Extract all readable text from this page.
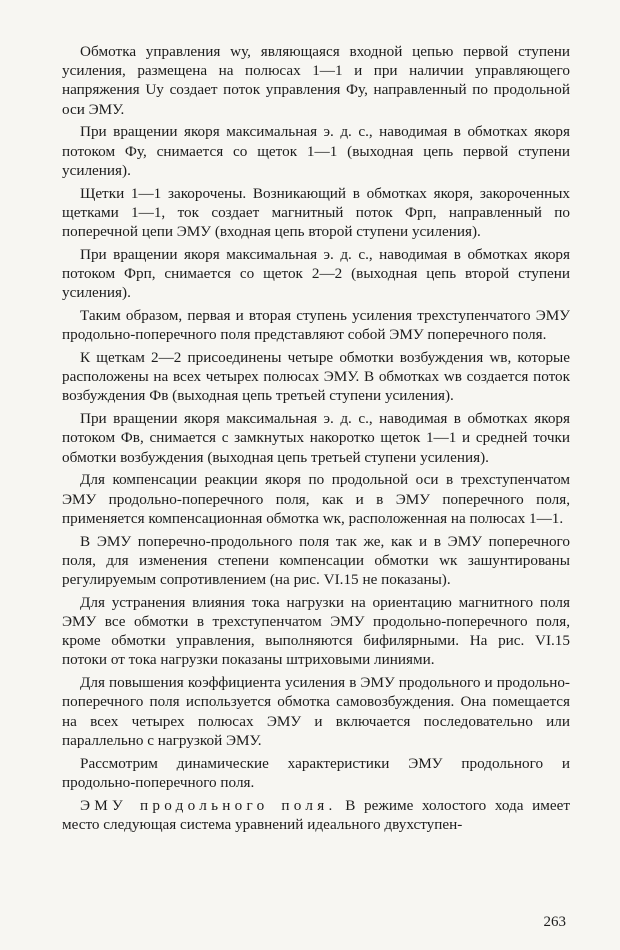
Обмотка управления wу, являющаяся входной цепью первой ступени усиления, размещена на полюсах 1—1 и при наличии управляющего напряжения Uу создает поток управления Фу, направленный по продольной оси ЭМУ.

При вращении якоря максимальная э. д. с., наводимая в обмотках якоря потоком Фу, снимается со щеток 1—1 (выходная цепь первой ступени усиления).

Щетки 1—1 закорочены. Возникающий в обмотках якоря, закороченных щетками 1—1, ток создает магнитный поток Фрп, направленный по поперечной цепи ЭМУ (входная цепь второй ступени усиления).

При вращении якоря максимальная э. д. с., наводимая в обмотках якоря потоком Фрп, снимается со щеток 2—2 (выходная цепь второй ступени усиления).

Таким образом, первая и вторая ступень усиления трехступенчатого ЭМУ продольно-поперечного поля представляют собой ЭМУ поперечного поля.

К щеткам 2—2 присоединены четыре обмотки возбуждения wв, которые расположены на всех четырех полюсах ЭМУ. В обмотках wв создается поток возбуждения Фв (выходная цепь третьей ступени усиления).

При вращении якоря максимальная э. д. с., наводимая в обмотках якоря потоком Фв, снимается с замкнутых накоротко щеток 1—1 и средней точки обмотки возбуждения (выходная цепь третьей ступени усиления).

Для компенсации реакции якоря по продольной оси в трехступенчатом ЭМУ продольно-поперечного поля, как и в ЭМУ поперечного поля, применяется компенсационная обмотка wк, расположенная на полюсах 1—1.

В ЭМУ поперечно-продольного поля так же, как и в ЭМУ поперечного поля, для изменения степени компенсации обмотки wк зашунтированы регулируемым сопротивлением (на рис. VI.15 не показаны).

Для устранения влияния тока нагрузки на ориентацию магнитного поля ЭМУ все обмотки в трехступенчатом ЭМУ продольно-поперечного поля, кроме обмотки управления, выполняются бифилярными. На рис. VI.15 потоки от тока нагрузки показаны штриховыми линиями.

Для повышения коэффициента усиления в ЭМУ продольного и продольно-поперечного поля используется обмотка самовозбуждения. Она помещается на всех четырех полюсах ЭМУ и включается последовательно или параллельно с нагрузкой ЭМУ.

Рассмотрим динамические характеристики ЭМУ продольного и продольно-поперечного поля.

ЭМУ продольного поля. В режиме холостого хода имеет место следующая система уравнений идеального двухступен-

263
